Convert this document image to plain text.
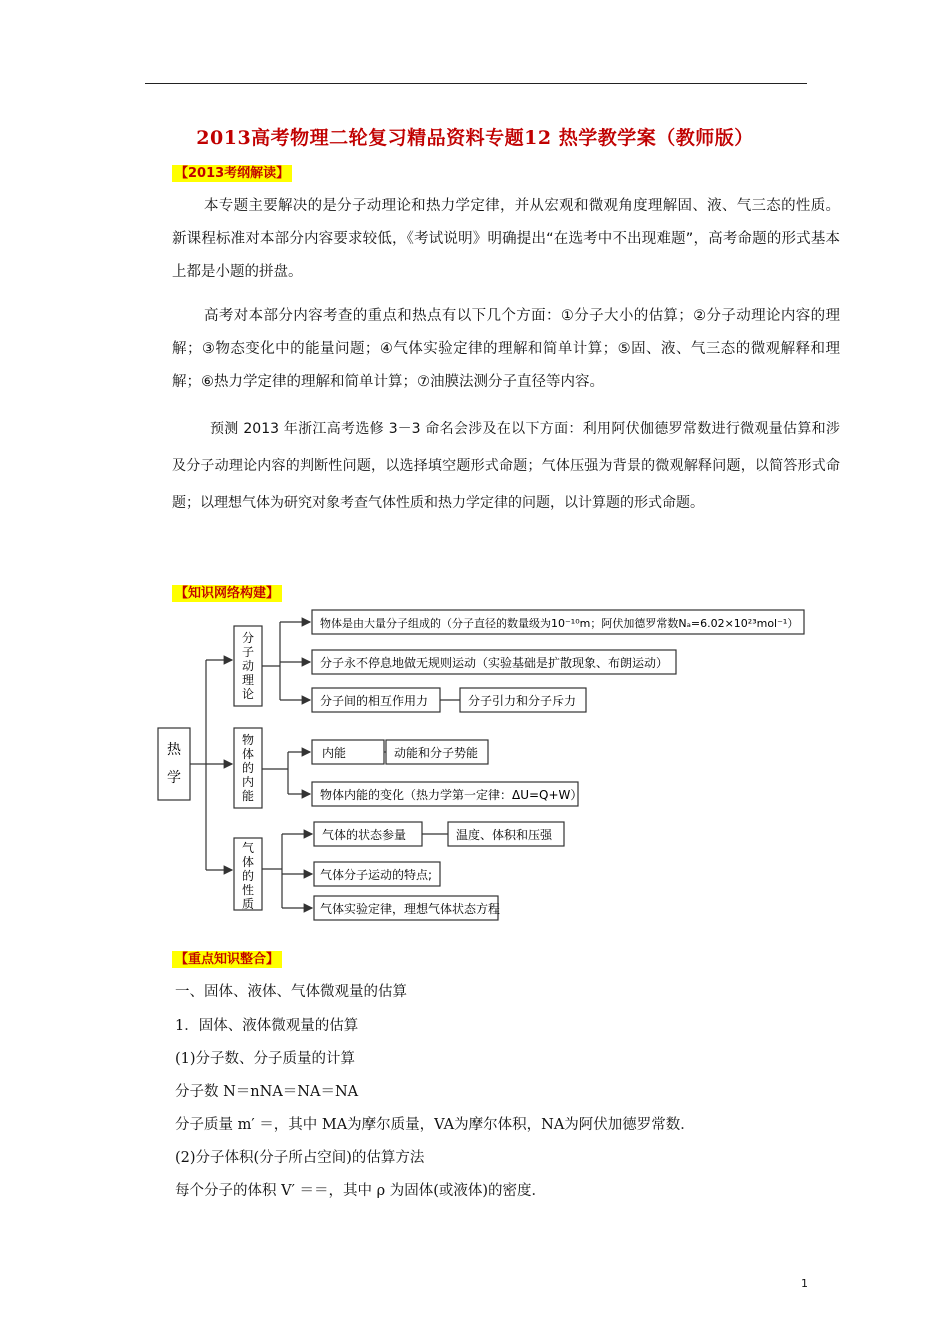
2013高考物理二轮复习精品资料专题12 热学教学案（教师版）
【2013考纲解读】
本专题主要解决的是分子动理论和热力学定律，并从宏观和微观角度理解固、液、气三态的性质。新课程标准对本部分内容要求较低，《考试说明》明确提出“在选考中不出现难题”，高考命题的形式基本上都是小题的拼盘。
高考对本部分内容考查的重点和热点有以下几个方面：①分子大小的估算；②分子动理论内容的理解；③物态变化中的能量问题；④气体实验定律的理解和简单计算；⑤固、液、气三态的微观解释和理解；⑥热力学定律的理解和简单计算；⑦油膜法测分子直径等内容。
预测 2013 年浙江高考选修 3－3 命名会涉及在以下方面：利用阿伏伽德罗常数进行微观量估算和涉及分子动理论内容的判断性问题，以选择填空题形式命题；气体压强为背景的微观解释问题，以简答形式命题；以理想气体为研究对象考查气体性质和热力学定律的问题，以计算题的形式命题。
【知识网络构建】
热
学
分
子
动
理
论
物
体
的
内
能
气
体
的
性
质
物体是由大量分子组成的（分子直径的数量级为10⁻¹⁰m；阿伏加德罗常数Nₐ=6.02×10²³mol⁻¹）
分子永不停息地做无规则运动（实验基础是扩散现象、布朗运动）
分子间的相互作用力	分子引力和分子斥力
内能	动能和分子势能
物体内能的变化（热力学第一定律：ΔU=Q+W）
气体的状态参量	温度、体积和压强
气体分子运动的特点;
气体实验定律，理想气体状态方程
【重点知识整合】
一、固体、液体、气体微观量的估算
1．固体、液体微观量的估算
(1)分子数、分子质量的计算
分子数 N＝nNA＝NA＝NA
分子质量 m′ ＝，其中 MA为摩尔质量，VA为摩尔体积，NA为阿伏加德罗常数．
(2)分子体积(分子所占空间)的估算方法
每个分子的体积 V′ ＝＝，其中 ρ 为固体(或液体)的密度．
1
